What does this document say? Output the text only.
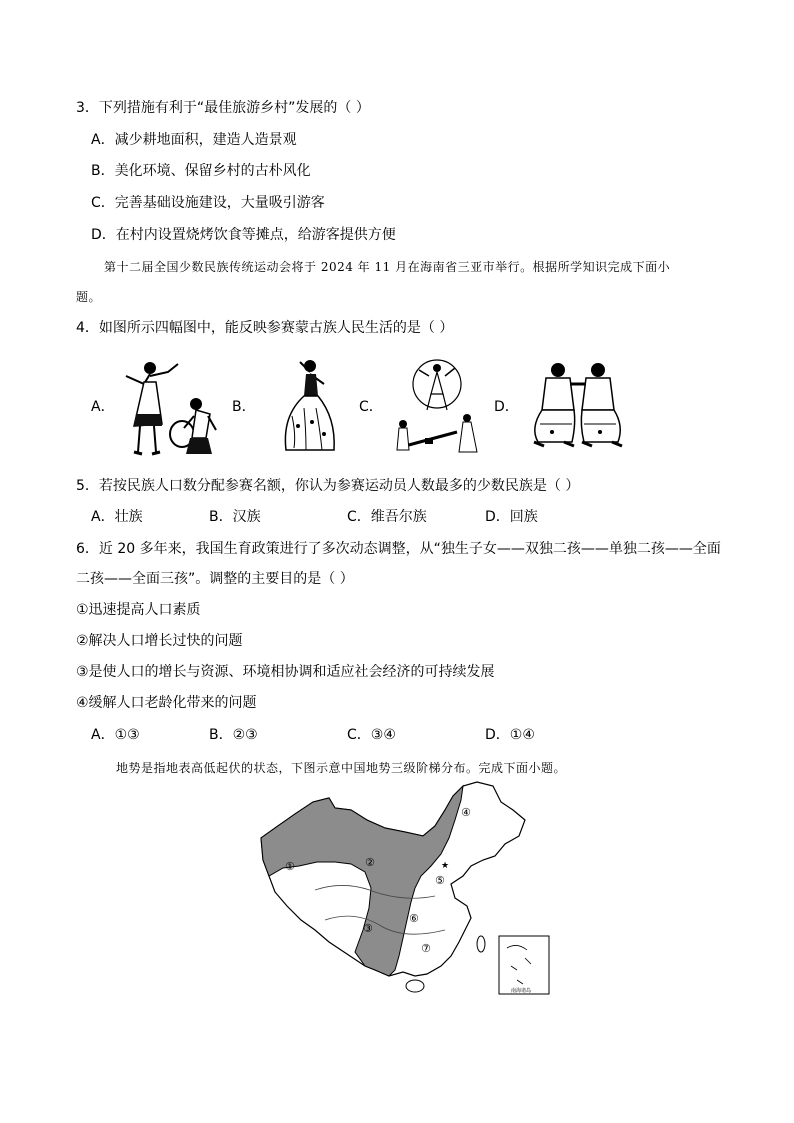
3．下列措施有利于“最佳旅游乡村”发展的（ ）
A．减少耕地面积，建造人造景观
B．美化环境、保留乡村的古朴风化
C．完善基础设施建设，大量吸引游客
D．在村内设置烧烤饮食等摊点，给游客提供方便
第十二届全国少数民族传统运动会将于 2024 年 11 月在海南省三亚市举行。根据所学知识完成下面小
题。
4．如图所示四幅图中，能反映参赛蒙古族人民生活的是（ ）
A．	B．	C．	D．
5．若按民族人口数分配参赛名额，你认为参赛运动员人数最多的少数民族是（ ）
A．壮族	B．汉族	C．维吾尔族	D．回族
6．近 20 多年来，我国生育政策进行了多次动态调整，从“独生子女——双独二孩——单独二孩——全面
二孩——全面三孩”。调整的主要目的是（ ）
①迅速提高人口素质
②解决人口增长过快的问题
③是使人口的增长与资源、环境相协调和适应社会经济的可持续发展
④缓解人口老龄化带来的问题
A．①③	B．②③	C．③④	D．①④
地势是指地表高低起伏的状态，下图示意中国地势三级阶梯分布。完成下面小题。
①	②
③
④
⑤
⑥
⑦
★
南海诸岛
